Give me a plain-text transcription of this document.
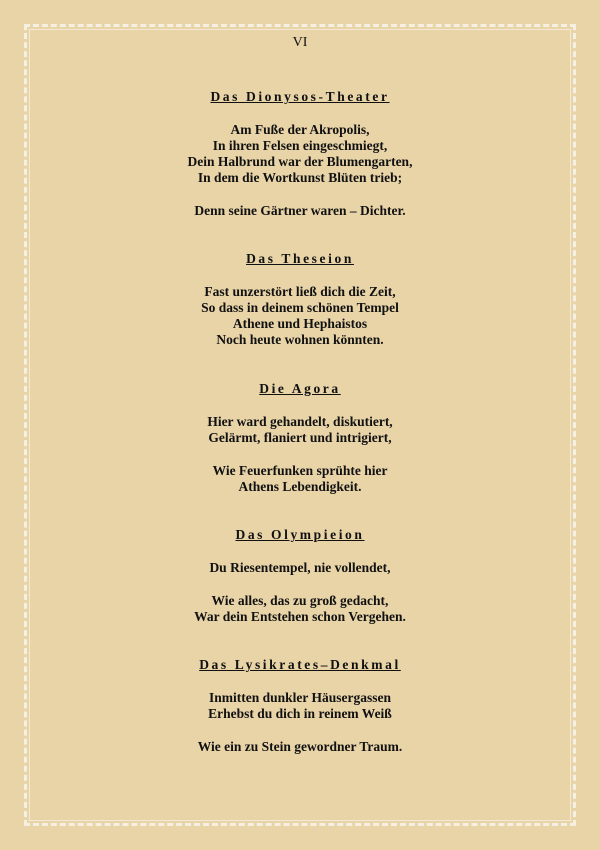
VI
Das Dionysos-Theater
Am Fuße der Akropolis,
In ihren Felsen eingeschmiegt,
Dein Halbrund war der Blumengarten,
In dem die Wortkunst Blüten trieb;
Denn seine Gärtner waren – Dichter.
Das Theseion
Fast unzerstört ließ dich die Zeit,
So dass in deinem schönen Tempel
Athene und Hephaistos
Noch heute wohnen könnten.
Die Agora
Hier ward gehandelt, diskutiert,
Gelärmt, flaniert und intrigiert,
Wie Feuerfunken sprühte hier
Athens Lebendigkeit.
Das Olympieion
Du Riesentempel, nie vollendet,
Wie alles, das zu groß gedacht,
War dein Entstehen schon Vergehen.
Das Lysikrates–Denkmal
Inmitten dunkler Häusergassen
Erhebst du dich in reinem Weiß
Wie ein zu Stein gewordner Traum.
